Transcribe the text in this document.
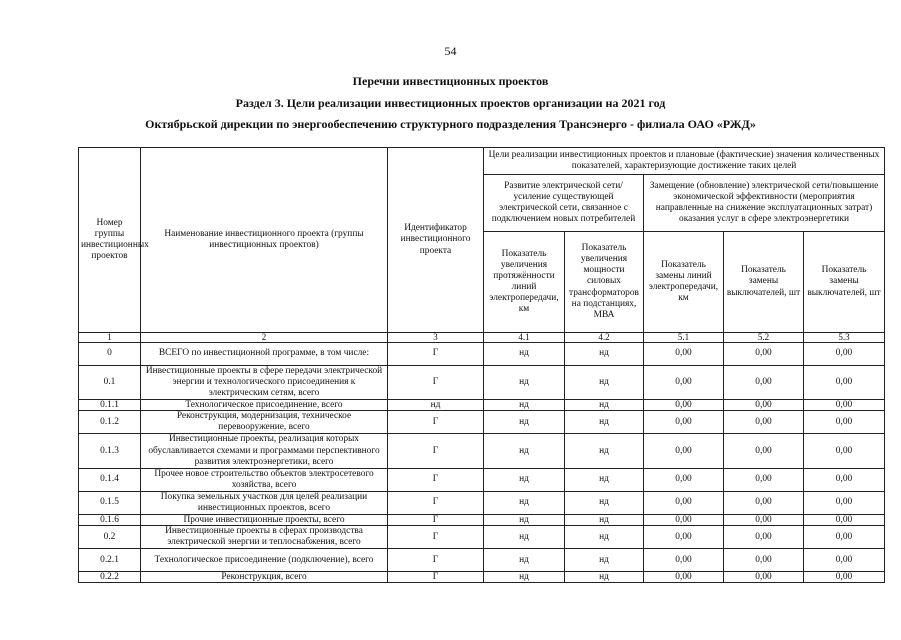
54
Перечни инвестиционных проектов
Раздел 3. Цели реализации инвестиционных проектов организации на 2021 год
Октябрьской дирекции по энергообеспечению структурного подразделения Трансэнерго - филиала ОАО «РЖД»
Номер группы инвестиционных проектов	Наименование инвестиционного проекта (группы инвестиционных проектов)	Идентификатор инвестиционного проекта	Цели реализации инвестиционных проектов и плановые (фактические) значения количественных показателей, характеризующие достижение таких целей				
			Развитие электрической сети/усиление существующей электрической сети, связанное с подключением новых потребителей		Замещение (обновление) электрической сети/повышение экономической эффективности (мероприятия направленные на снижение эксплуатационных затрат) оказания услуг в сфере электроэнергетики		
			Показатель увеличения протяжённости линий электропередачи, км	Показатель увеличения мощности силовых трансформаторов на подстанциях, МВА	Показатель замены линий электропередачи, км	Показатель замены выключателей, шт	Показатель замены выключателей, шт
1	2	3	4.1	4.2	5.1	5.2	5.3
0	ВСЕГО по инвестиционной программе, в том числе:	Г	нд	нд	0,00	0,00	0,00
0.1	Инвестиционные проекты в сфере передачи электрической энергии и технологического присоединения к электрическим сетям, всего	Г	нд	нд	0,00	0,00	0,00
0.1.1	Технологическое присоединение, всего	нд	нд	нд	0,00	0,00	0,00
0.1.2	Реконструкция, модернизация, техническое перевооружение, всего	Г	нд	нд	0,00	0,00	0,00
0.1.3	Инвестиционные проекты, реализация которых обуславливается схемами и программами перспективного развития электроэнергетики, всего	Г	нд	нд	0,00	0,00	0,00
0.1.4	Прочее новое строительство объектов электросетевого хозяйства, всего	Г	нд	нд	0,00	0,00	0,00
0.1.5	Покупка земельных участков для целей реализации инвестиционных проектов, всего	Г	нд	нд	0,00	0,00	0,00
0.1.6	Прочие инвестиционные проекты, всего	Г	нд	нд	0,00	0,00	0,00
0.2	Инвестиционные проекты в сферах производства электрической энергии и теплоснабжения, всего	Г	нд	нд	0,00	0,00	0,00
0.2.1	Технологическое присоединение (подключение), всего	Г	нд	нд	0,00	0,00	0,00
0.2.2	Реконструкция, всего	Г	нд	нд	0,00	0,00	0,00
